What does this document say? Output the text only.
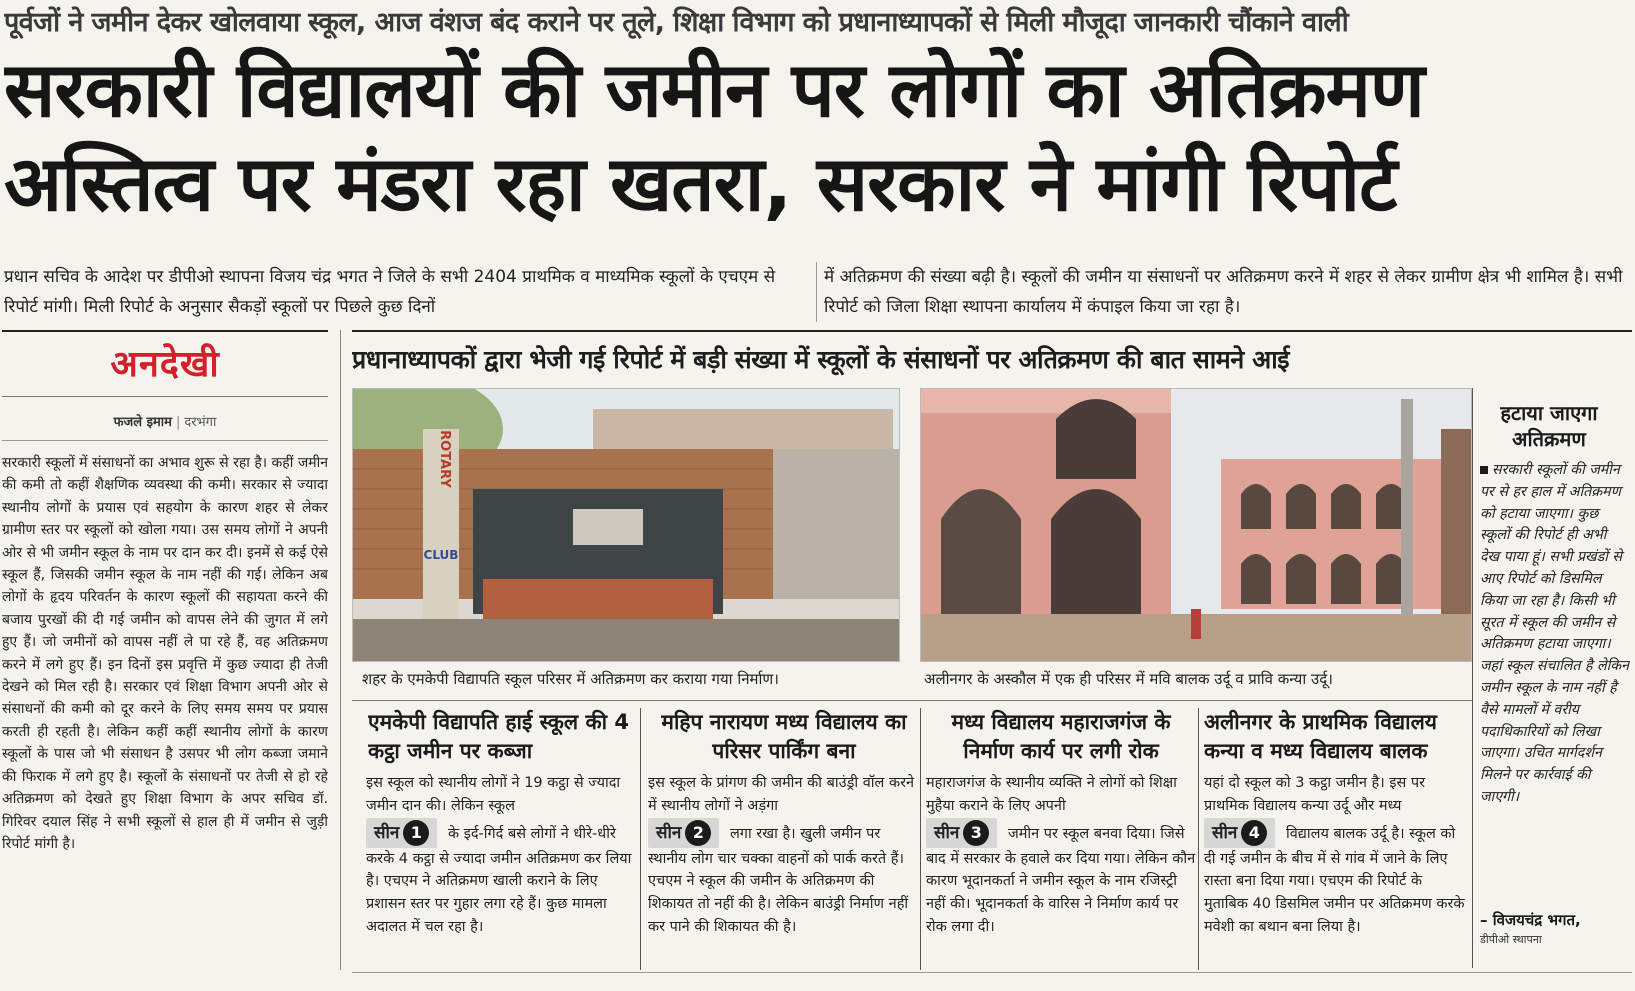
पूर्वजों ने जमीन देकर खोलवाया स्कूल, आज वंशज बंद कराने पर तूले, शिक्षा विभाग को प्रधानाध्यापकों से मिली मौजूदा जानकारी चौंकाने वाली
सरकारी विद्यालयों की जमीन पर लोगों का अतिक्रमण
अस्तित्व पर मंडरा रहा खतरा, सरकार ने मांगी रिपोर्ट
प्रधान सचिव के आदेश पर डीपीओ स्थापना विजय चंद्र भगत ने जिले के सभी 2404 प्राथमिक व माध्यमिक स्कूलों के एचएम से रिपोर्ट मांगी। मिली रिपोर्ट के अनुसार सैकड़ों स्कूलों पर पिछले कुछ दिनों
में अतिक्रमण की संख्या बढ़ी है। स्कूलों की जमीन या संसाधनों पर अतिक्रमण करने में शहर से लेकर ग्रामीण क्षेत्र भी शामिल है। सभी रिपोर्ट को जिला शिक्षा स्थापना कार्यालय में कंपाइल किया जा रहा है।
अनदेखी
फजले इमाम | दरभंगा
सरकारी स्कूलों में संसाधनों का अभाव शुरू से रहा है। कहीं जमीन की कमी तो कहीं शैक्षणिक व्यवस्था की कमी। सरकार से ज्यादा स्थानीय लोगों के प्रयास एवं सहयोग के कारण शहर से लेकर ग्रामीण स्तर पर स्कूलों को खोला गया। उस समय लोगों ने अपनी ओर से भी जमीन स्कूल के नाम पर दान कर दी। इनमें से कई ऐसे स्कूल हैं, जिसकी जमीन स्कूल के नाम नहीं की गई। लेकिन अब लोगों के हृदय परिवर्तन के कारण स्कूलों की सहायता करने की बजाय पुरखों की दी गई जमीन को वापस लेने की जुगत में लगे हुए हैं। जो जमीनों को वापस नहीं ले पा रहे हैं, वह अतिक्रमण करने में लगे हुए हैं। इन दिनों इस प्रवृत्ति में कुछ ज्यादा ही तेजी देखने को मिल रही है। सरकार एवं शिक्षा विभाग अपनी ओर से संसाधनों की कमी को दूर करने के लिए समय समय पर प्रयास करती ही रहती है। लेकिन कहीं कहीं स्थानीय लोगों के कारण स्कूलों के पास जो भी संसाधन है उसपर भी लोग कब्जा जमाने की फिराक में लगे हुए है। स्कूलों के संसाधनों पर तेजी से हो रहे अतिक्रमण को देखते हुए शिक्षा विभाग के अपर सचिव डॉ. गिरिवर दयाल सिंह ने सभी स्कूलों से हाल ही में जमीन से जुड़ी रिपोर्ट मांगी है।
प्रधानाध्यापकों द्वारा भेजी गई रिपोर्ट में बड़ी संख्या में स्कूलों के संसाधनों पर अतिक्रमण की बात सामने आई
ROTARY
CLUB
शहर के एमकेपी विद्यापति स्कूल परिसर में अतिक्रमण कर कराया गया निर्माण।	अलीनगर के अस्कौल में एक ही परिसर में मवि बालक उर्दू व प्रावि कन्या उर्दू।
एमकेपी विद्यापति हाई स्कूल की 4 कट्ठा जमीन पर कब्जा
इस स्कूल को स्थानीय लोगों ने 19 कट्ठा से ज्यादा जमीन दान की। लेकिन स्कूल
सीन 1 के इर्द-गिर्द बसे लोगों ने धीरे-धीरे करके 4 कट्ठा से ज्यादा जमीन अतिक्रमण कर लिया है। एचएम ने अतिक्रमण खाली कराने के लिए प्रशासन स्तर पर गुहार लगा रहे हैं। कुछ मामला अदालत में चल रहा है।
महिप नारायण मध्य विद्यालय का परिसर पार्किंग बना
इस स्कूल के प्रांगण की जमीन की बाउंड्री वॉल करने में स्थानीय लोगों ने अड़ंगा
सीन 2 लगा रखा है। खुली जमीन पर स्थानीय लोग चार चक्का वाहनों को पार्क करते हैं। एचएम ने स्कूल की जमीन के अतिक्रमण की शिकायत तो नहीं की है। लेकिन बाउंड्री निर्माण नहीं कर पाने की शिकायत की है।
मध्य विद्यालय महाराजगंज के निर्माण कार्य पर लगी रोक
महाराजगंज के स्थानीय व्यक्ति ने लोगों को शिक्षा मुहैया कराने के लिए अपनी
सीन 3 जमीन पर स्कूल बनवा दिया। जिसे बाद में सरकार के हवाले कर दिया गया। लेकिन कौन कारण भूदानकर्ता ने जमीन स्कूल के नाम रजिस्ट्री नहीं की। भूदानकर्ता के वारिस ने निर्माण कार्य पर रोक लगा दी।
अलीनगर के प्राथमिक विद्यालय कन्या व मध्य विद्यालय बालक
यहां दो स्कूल को 3 कट्ठा जमीन है। इस पर प्राथमिक विद्यालय कन्या उर्दू और मध्य
सीन 4 विद्यालय बालक उर्दू है। स्कूल को दी गई जमीन के बीच में से गांव में जाने के लिए रास्ता बना दिया गया। एचएम की रिपोर्ट के मुताबिक 40 डिसमिल जमीन पर अतिक्रमण करके मवेशी का बथान बना लिया है।
हटाया जाएगा अतिक्रमण
सरकारी स्कूलों की जमीन पर से हर हाल में अतिक्रमण को हटाया जाएगा। कुछ स्कूलों की रिपोर्ट ही अभी देख पाया हूं। सभी प्रखंडों से आए रिपोर्ट को डिसमिल किया जा रहा है। किसी भी सूरत में स्कूल की जमीन से अतिक्रमण हटाया जाएगा। जहां स्कूल संचालित है लेकिन जमीन स्कूल के नाम नहीं है वैसे मामलों में वरीय पदाधिकारियों को लिखा जाएगा। उचित मार्गदर्शन मिलने पर कार्रवाई की जाएगी।
– विजयचंद्र भगत,
डीपीओ स्थापना
